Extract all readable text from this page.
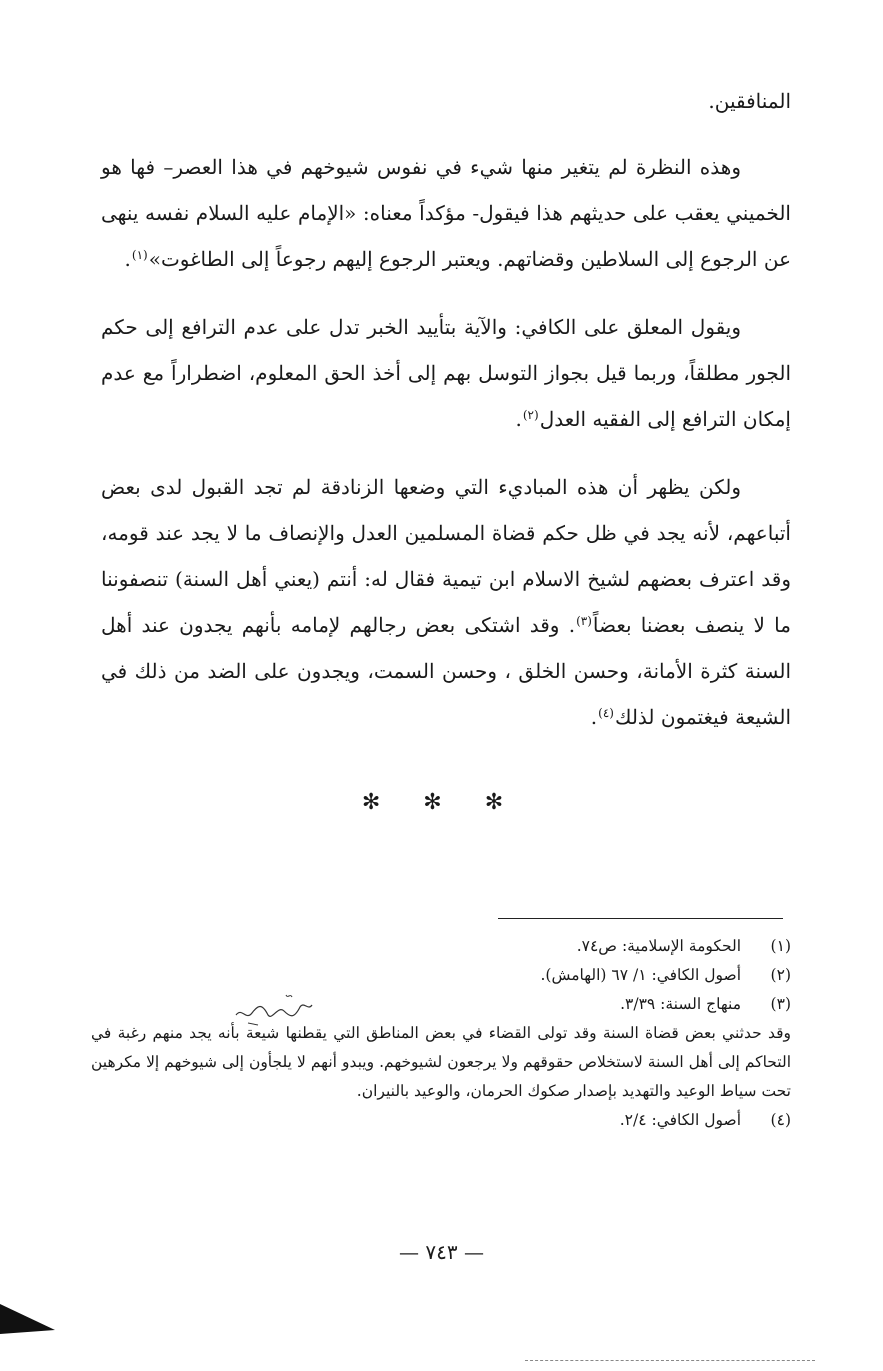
المنافقين.

وهذه النظرة لم يتغير منها شيء في نفوس شيوخهم في هذا العصر– فها هو الخميني يعقب على حديثهم هذا فيقول- مؤكداً معناه: «الإمام عليه السلام نفسه ينهى عن الرجوع إلى السلاطين وقضاتهم. ويعتبر الرجوع إليهم رجوعاً إلى الطاغوت»$^{(١)}$.

ويقول المعلق على الكافي: والآية بتأييد الخبر تدل على عدم الترافع إلى حكم الجور مطلقاً، وربما قيل بجواز التوسل بهم إلى أخذ الحق المعلوم، اضطراراً مع عدم إمكان الترافع إلى الفقيه العدل$^{(٢)}$.

ولكن يظهر أن هذه المباديء التي وضعها الزنادقة لم تجد القبول لدى بعض أتباعهم، لأنه يجد في ظل حكم قضاة المسلمين العدل والإنصاف ما لا يجد عند قومه، وقد اعترف بعضهم لشيخ الاسلام ابن تيمية فقال له: أنتم (يعني أهل السنة) تنصفوننا ما لا ينصف بعضنا بعضاً$^{(٣)}$. وقد اشتكى بعض رجالهم لإمامه بأنهم يجدون عند أهل السنة كثرة الأمانة، وحسن الخلق ، وحسن السمت، ويجدون على الضد من ذلك في الشيعة فيغتمون لذلك$^{(٤)}$.

✻ ✻ ✻
(١)
الحكومة الإسلامية: ص٧٤.
(٢)
أصول الكافي: ١/ ٦٧ (الهامش).
(٣)
منهاج السنة: ٣/٣٩.
وقد حدثني بعض قضاة السنة وقد تولى القضاء في بعض المناطق التي يقطنها شيعة بأنه يجد منهم رغبة في التحاكم إلى أهل السنة لاستخلاص حقوقهم ولا يرجعون لشيوخهم. ويبدو أنهم لا يلجأون إلى شيوخهم إلا مكرهين تحت سياط الوعيد والتهديد بإصدار صكوك الحرمان، والوعيد بالنيران.
(٤)
أصول الكافي: ٢/٤.
— ٧٤٣ —
